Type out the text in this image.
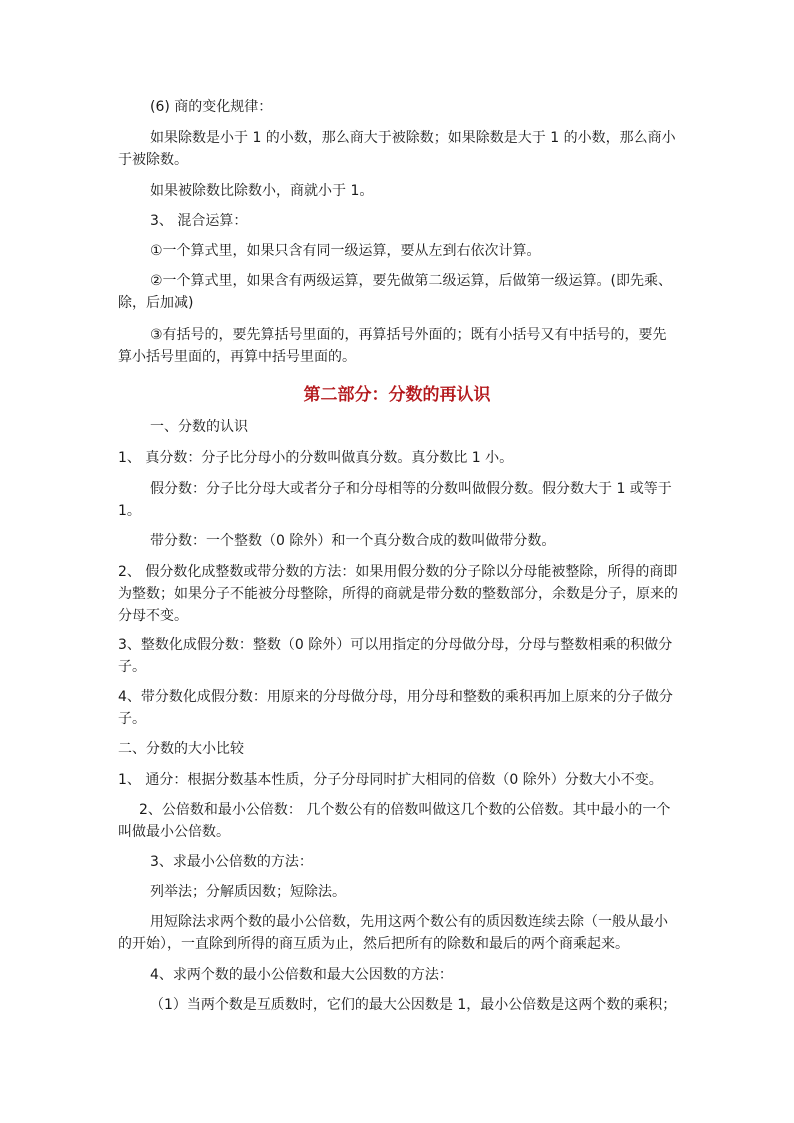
(6) 商的变化规律：

如果除数是小于 1 的小数，那么商大于被除数；如果除数是大于 1 的小数，那么商小于被除数。

如果被除数比除数小，商就小于 1。

3、 混合运算：

①一个算式里，如果只含有同一级运算，要从左到右依次计算。

②一个算式里，如果含有两级运算，要先做第二级运算，后做第一级运算。(即先乘、除，后加减)

③有括号的，要先算括号里面的，再算括号外面的；既有小括号又有中括号的，要先算小括号里面的，再算中括号里面的。

第二部分：分数的再认识

一、分数的认识

1、 真分数：分子比分母小的分数叫做真分数。真分数比 1 小。

假分数：分子比分母大或者分子和分母相等的分数叫做假分数。假分数大于 1 或等于 1。

带分数：一个整数（0 除外）和一个真分数合成的数叫做带分数。

2、 假分数化成整数或带分数的方法：如果用假分数的分子除以分母能被整除，所得的商即为整数；如果分子不能被分母整除，所得的商就是带分数的整数部分，余数是分子，原来的分母不变。

3、整数化成假分数：整数（0 除外）可以用指定的分母做分母，分母与整数相乘的积做分子。

4、带分数化成假分数：用原来的分母做分母，用分母和整数的乘积再加上原来的分子做分子。

二、分数的大小比较

1、 通分：根据分数基本性质，分子分母同时扩大相同的倍数（0 除外）分数大小不变。

2、公倍数和最小公倍数： 几个数公有的倍数叫做这几个数的公倍数。其中最小的一个叫做最小公倍数。

3、求最小公倍数的方法：

列举法；分解质因数；短除法。

用短除法求两个数的最小公倍数，先用这两个数公有的质因数连续去除（一般从最小的开始），一直除到所得的商互质为止，然后把所有的除数和最后的两个商乘起来。

4、求两个数的最小公倍数和最大公因数的方法：

（1）当两个数是互质数时，它们的最大公因数是 1，最小公倍数是这两个数的乘积；
